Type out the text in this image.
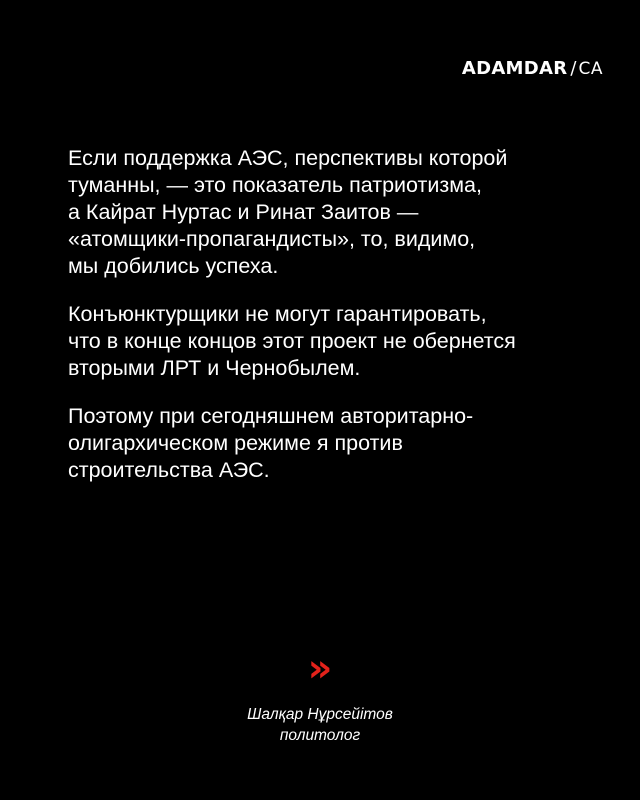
ADAMDAR / CA

Если поддержка АЭС, перспективы которой
туманны, — это показатель патриотизма,
а Кайрат Нуртас и Ринат Заитов —
«атомщики-пропагандисты», то, видимо,
мы добились успеха.

Конъюнктурщики не могут гарантировать,
что в конце концов этот проект не обернется
вторыми ЛРТ и Чернобылем.

Поэтому при сегодняшнем авторитарно-
олигархическом режиме я против
строительства АЭС.

»
Шалқар Нұрсейітов
политолог
